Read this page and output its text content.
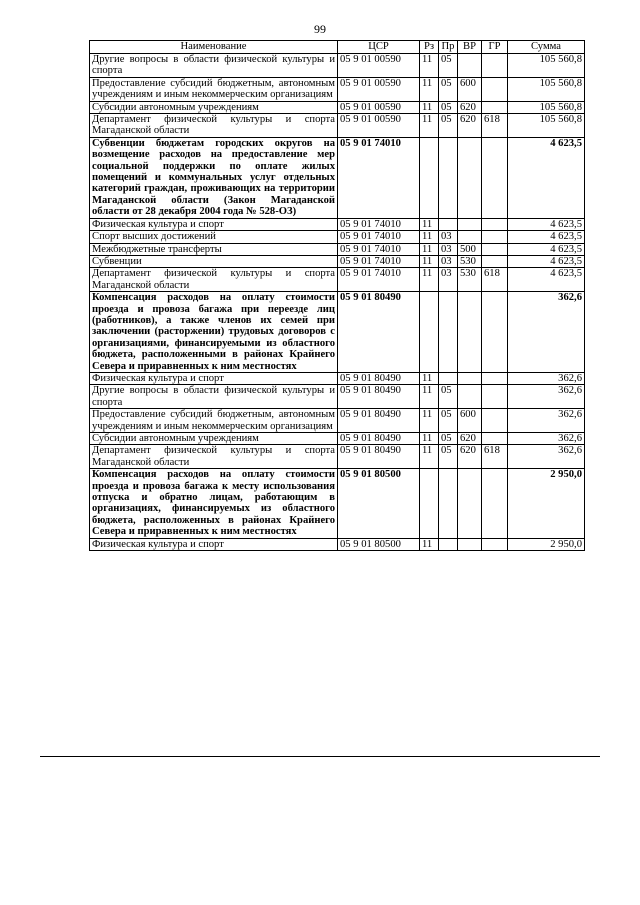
99
Наименование	ЦСР	Рз	Пр	ВР	ГР	Сумма
Другие вопросы в области физической культуры и спорта	05 9 01 00590	11	05			105 560,8
Предоставление субсидий бюджетным, автономным учреждениям и иным некоммерческим организациям	05 9 01 00590	11	05	600		105 560,8
Субсидии автономным учреждениям	05 9 01 00590	11	05	620		105 560,8
Департамент физической культуры и спорта Магаданской области	05 9 01 00590	11	05	620	618	105 560,8
Субвенции бюджетам городских округов на возмещение расходов на предоставление мер социальной поддержки по оплате жилых помещений и коммунальных услуг отдельных категорий граждан, проживающих на территории Магаданской области (Закон Магаданской области от 28 декабря 2004 года № 528-ОЗ)	05 9 01 74010					4 623,5
Физическая культура и спорт	05 9 01 74010	11				4 623,5
Спорт высших достижений	05 9 01 74010	11	03			4 623,5
Межбюджетные трансферты	05 9 01 74010	11	03	500		4 623,5
Субвенции	05 9 01 74010	11	03	530		4 623,5
Департамент физической культуры и спорта Магаданской области	05 9 01 74010	11	03	530	618	4 623,5
Компенсация расходов на оплату стоимости проезда и провоза багажа при переезде лиц (работников), а также членов их семей при заключении (расторжении) трудовых договоров с организациями, финансируемыми из областного бюджета, расположенными в районах Крайнего Севера и приравненных к ним местностях	05 9 01 80490					362,6
Физическая культура и спорт	05 9 01 80490	11				362,6
Другие вопросы в области физической культуры и спорта	05 9 01 80490	11	05			362,6
Предоставление субсидий бюджетным, автономным учреждениям и иным некоммерческим организациям	05 9 01 80490	11	05	600		362,6
Субсидии автономным учреждениям	05 9 01 80490	11	05	620		362,6
Департамент физической культуры и спорта Магаданской области	05 9 01 80490	11	05	620	618	362,6
Компенсация расходов на оплату стоимости проезда и провоза багажа к месту использования отпуска и обратно лицам, работающим в организациях, финансируемых из областного бюджета, расположенных в районах Крайнего Севера и приравненных к ним местностях	05 9 01 80500					2 950,0
Физическая культура и спорт	05 9 01 80500	11				2 950,0
